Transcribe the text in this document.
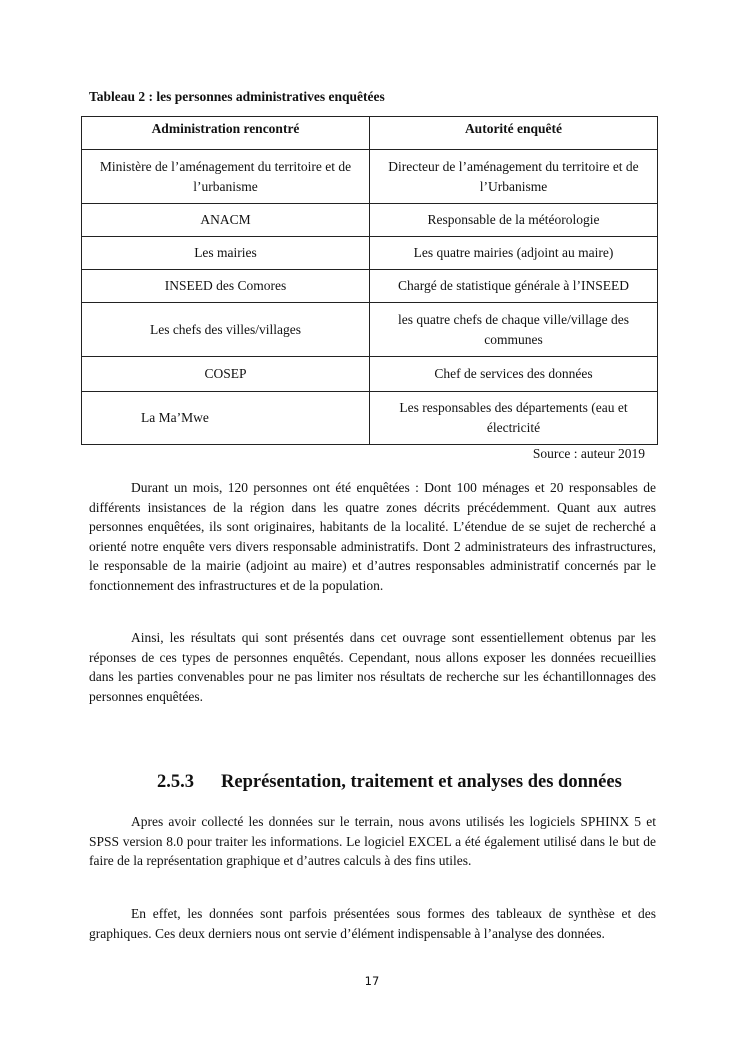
Tableau 2 : les personnes administratives enquêtées
Administration rencontré	Autorité enquêté
Ministère de l’aménagement du territoire et de l’urbanisme	Directeur de l’aménagement du territoire et de l’Urbanisme
ANACM	Responsable de la météorologie
Les mairies	Les quatre mairies (adjoint au maire)
INSEED des Comores	Chargé de statistique générale à l’INSEED
Les chefs des villes/villages	les quatre chefs de chaque ville/village des communes
COSEP	Chef de services des données
La Ma’Mwe	Les responsables des départements (eau et électricité
Source : auteur 2019

Durant un mois, 120 personnes ont été enquêtées : Dont 100 ménages et 20 responsables de différents insistances de la région dans les quatre zones décrits précédemment. Quant aux autres personnes enquêtées, ils sont originaires, habitants de la localité. L’étendue de se sujet de recherché a orienté notre enquête vers divers responsable administratifs. Dont 2 administrateurs des infrastructures, le responsable de la mairie (adjoint au maire) et d’autres responsables administratif concernés par le fonctionnement des infrastructures et de la population.

Ainsi, les résultats qui sont présentés dans cet ouvrage sont essentiellement obtenus par les réponses de ces types de personnes enquêtés. Cependant, nous allons exposer les données recueillies dans les parties convenables pour ne pas limiter nos résultats de recherche sur les échantillonnages des personnes enquêtées.

2.5.3 Représentation, traitement et analyses des données

Apres avoir collecté les données sur le terrain, nous avons utilisés les logiciels SPHINX 5 et SPSS version 8.0 pour traiter les informations. Le logiciel EXCEL a été également utilisé dans le but de faire de la représentation graphique et d’autres calculs à des fins utiles.

En effet, les données sont parfois présentées sous formes des tableaux de synthèse et des graphiques. Ces deux derniers nous ont servie d’élément indispensable à l’analyse des données.

17
